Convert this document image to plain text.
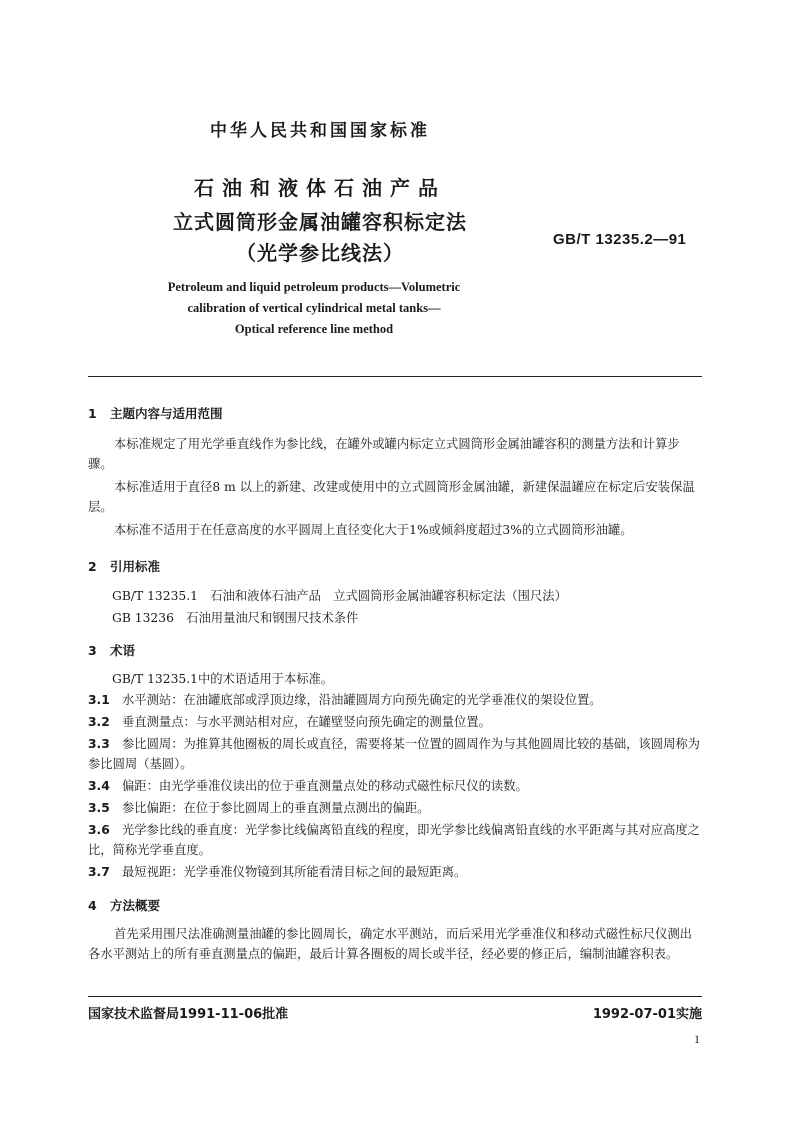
中华人民共和国国家标准
石油和液体石油产品
立式圆筒形金属油罐容积标定法
（光学参比线法）
GB/T 13235.2—91
Petroleum and liquid petroleum products—Volumetric
calibration of vertical cylindrical metal tanks—
Optical reference line method
1 主题内容与适用范围
本标准规定了用光学垂直线作为参比线，在罐外或罐内标定立式圆筒形金属油罐容积的测量方法和计算步骤。
本标准适用于直径8 m 以上的新建、改建或使用中的立式圆筒形金属油罐，新建保温罐应在标定后安装保温层。
本标准不适用于在任意高度的水平圆周上直径变化大于1%或倾斜度超过3%的立式圆筒形油罐。
2 引用标准
GB/T 13235.1　石油和液体石油产品　立式圆筒形金属油罐容积标定法（围尺法）
GB 13236　石油用量油尺和钢围尺技术条件
3 术语
GB/T 13235.1中的术语适用于本标准。
3.1 水平测站：在油罐底部或浮顶边缘，沿油罐圆周方向预先确定的光学垂准仪的架设位置。
3.2 垂直测量点：与水平测站相对应，在罐壁竖向预先确定的测量位置。
3.3 参比圆周：为推算其他圈板的周长或直径，需要将某一位置的圆周作为与其他圆周比较的基础，该圆周称为参比圆周（基圆）。
3.4 偏距：由光学垂准仪读出的位于垂直测量点处的移动式磁性标尺仪的读数。
3.5 参比偏距：在位于参比圆周上的垂直测量点测出的偏距。
3.6 光学参比线的垂直度：光学参比线偏离铅直线的程度，即光学参比线偏离铅直线的水平距离与其对应高度之比，简称光学垂直度。
3.7 最短视距：光学垂准仪物镜到其所能看清目标之间的最短距离。
4 方法概要
首先采用围尺法准确测量油罐的参比圆周长，确定水平测站，而后采用光学垂准仪和移动式磁性标尺仪测出各水平测站上的所有垂直测量点的偏距，最后计算各圈板的周长或半径，经必要的修正后，编制油罐容积表。
国家技术监督局1991-11-06批准	1992-07-01实施
1
